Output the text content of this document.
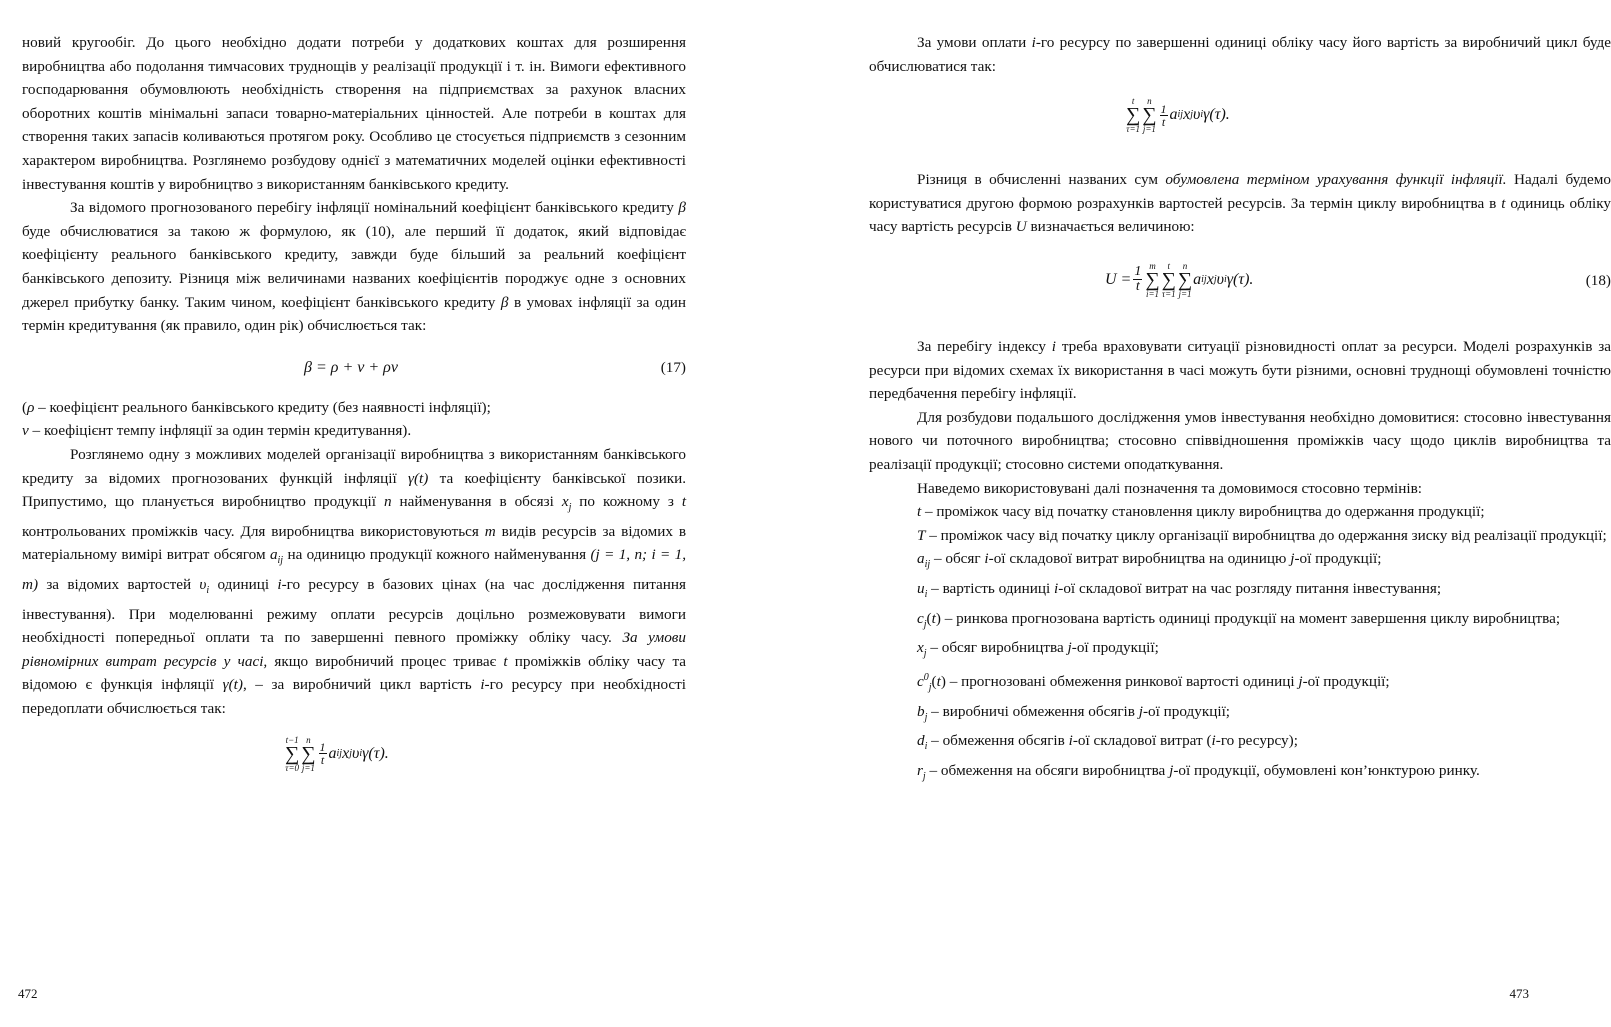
новий кругообіг. До цього необхідно додати потреби у додаткових коштах для розширення виробництва або подолання тимчасових труднощів у реалізації продукції і т. ін. Вимоги ефективного господарювання обумовлюють необхідність створення на підприємствах за рахунок власних оборотних коштів мінімальні запаси товарно-матеріальних цінностей. Але потреби в коштах для створення таких запасів коливаються протягом року. Особливо це стосується підприємств з сезонним характером виробництва. Розглянемо розбудову однієї з математичних моделей оцінки ефективності інвестування коштів у виробництво з використанням банківського кредиту.

За відомого прогнозованого перебігу інфляції номінальний коефіцієнт банківського кредиту β буде обчислюватися за такою ж формулою, як (10), але перший її додаток, який відповідає коефіцієнту реального банківського кредиту, завжди буде більший за реальний коефіцієнт банківського депозиту. Різниця між величинами названих коефіцієнтів породжує одне з основних джерел прибутку банку. Таким чином, коефіцієнт банківського кредиту β в умовах інфляції за один термін кредитування (як правило, один рік) обчислюється так:

β = ρ + ν + ρν	(17)

(ρ – коефіцієнт реального банківського кредиту (без наявності інфляції);

ν – коефіцієнт темпу інфляції за один термін кредитування).

Розглянемо одну з можливих моделей організації виробництва з використанням банківського кредиту за відомих прогнозованих функцій інфляції γ(t) та коефіцієнту банківської позики. Припустимо, що планується виробництво продукції n найменування в обсязі $x_j$ по кожному з t контрольованих проміжків часу. Для виробництва використовуються m видів ресурсів за відомих в матеріальному вимірі витрат обсягом $a_{ij}$ на одиницю продукції кожного найменування (j = 1, n; i = 1, m) за відомих вартостей $\upsilon_i$ одиниці i-го ресурсу в базових цінах (на час дослідження питання інвестування). При моделюванні режиму оплати ресурсів доцільно розмежовувати вимоги необхідності попередньої оплати та по завершенні певного проміжку обліку часу. За умови рівномірних витрат ресурсів у часі, якщо виробничий процес триває t проміжків обліку часу та відомою є функція інфляції γ(t), – за виробничий цикл вартість i-го ресурсу при необхідності передоплати обчислюється так:

t−1
∑
τ=0
n
∑
j=1
$\frac{1}{t}$ a ij x j υ i γ(τ).
472

За умови оплати i-го ресурсу по завершенні одиниці обліку часу його вартість за виробничий цикл буде обчислюватися так:

t
∑
τ=1
n
∑
j=1
$\frac{1}{t}$ a ij x j υ i γ(τ).

Різниця в обчисленні названих сум обумовлена терміном урахування функції інфляції. Надалі будемо користуватися другою формою розрахунків вартостей ресурсів. За термін циклу виробництва в t одиниць обліку часу вартість ресурсів U визначається величиною:

$U = \frac{1}{t}$ m
∑
i=1
t
∑
τ=1
n
∑
j=1
a ij x j υ i γ(τ).	(18)

За перебігу індексу i треба враховувати ситуації різновидності оплат за ресурси. Моделі розрахунків за ресурси при відомих схемах їх використання в часі можуть бути різними, основні труднощі обумовлені точністю передбачення перебігу інфляції.

Для розбудови подальшого дослідження умов інвестування необхідно домовитися: стосовно інвестування нового чи поточного виробництва; стосовно співвідношення проміжків часу щодо циклів виробництва та реалізації продукції; стосовно системи оподаткування.

Наведемо використовувані далі позначення та домовимося стосовно термінів:

t – проміжок часу від початку становлення циклу виробництва до одержання продукції;

T – проміжок часу від початку циклу організації виробництва до одержання зиску від реалізації продукції;

$a_{ij}$ – обсяг i-ої складової витрат виробництва на одиницю j-ої продукції;

$u_i$ – вартість одиниці i-ої складової витрат на час розгляду питання інвестування;

$c_j(t)$ – ринкова прогнозована вартість одиниці продукції на момент завершення циклу виробництва;

$x_j$ – обсяг виробництва j-ої продукції;

$c^0_j(t)$ – прогнозовані обмеження ринкової вартості одиниці j-ої продукції;

$b_j$ – виробничі обмеження обсягів j-ої продукції;

$d_i$ – обмеження обсягів i-ої складової витрат (i-го ресурсу);

$r_j$ – обмеження на обсяги виробництва j-ої продукції, обумовлені кон’юнктурою ринку.

473
